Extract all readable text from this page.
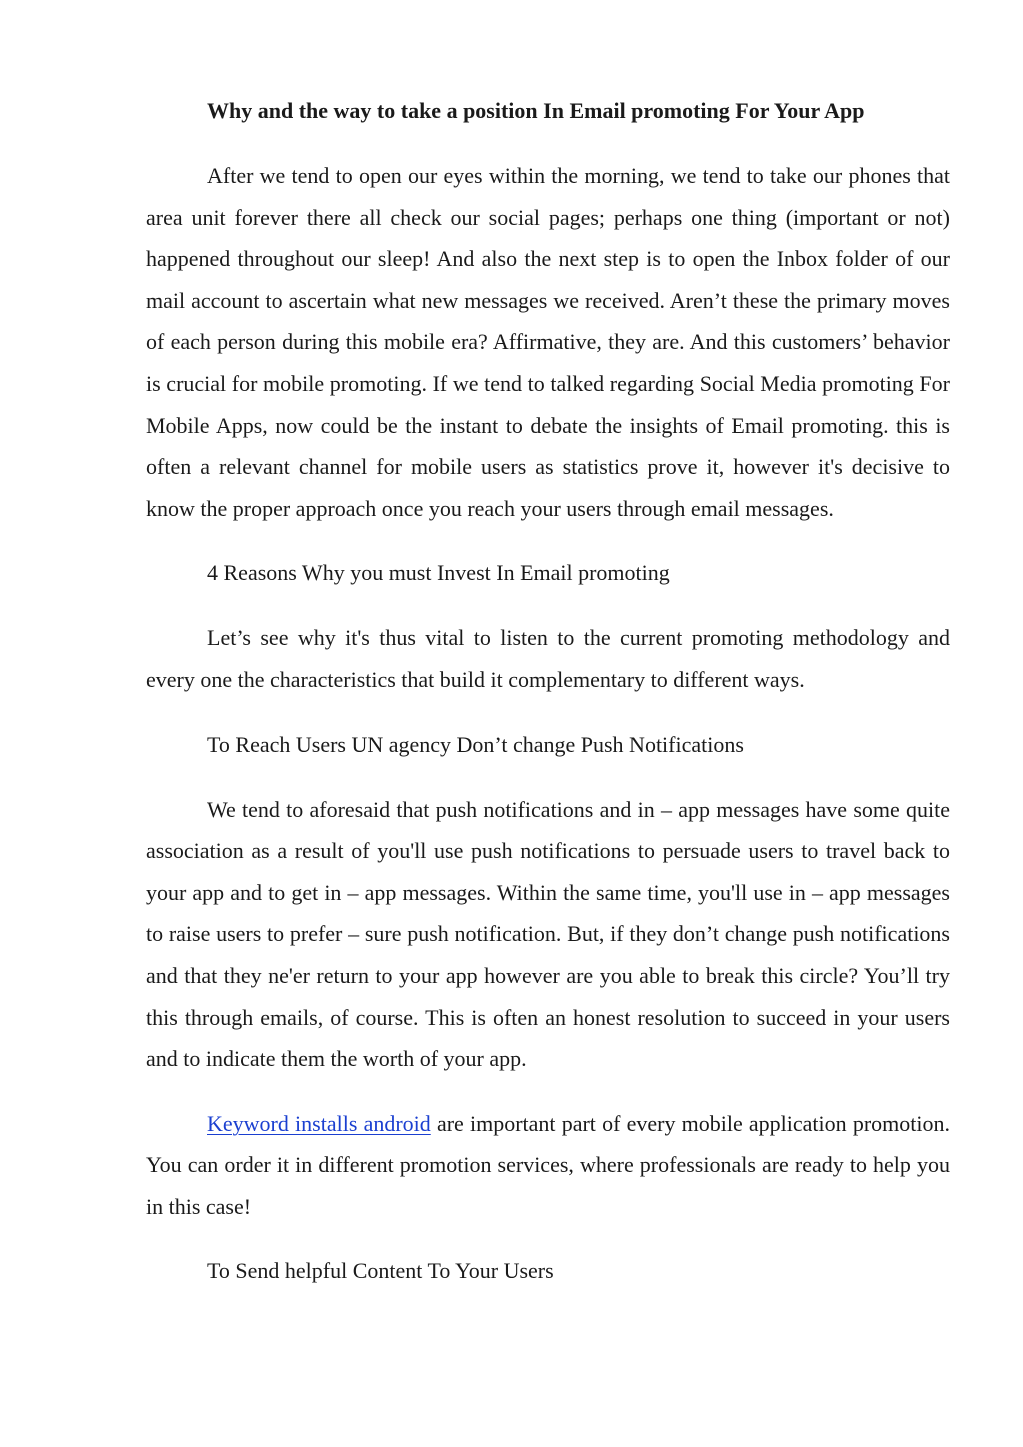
Why and the way to take a position In Email promoting For Your App

After we tend to open our eyes within the morning, we tend to take our phones that area unit forever there all check our social pages; perhaps one thing (important or not) happened throughout our sleep! And also the next step is to open the Inbox folder of our mail account to ascertain what new messages we received. Aren’t these the primary moves of each person during this mobile era? Affirmative, they are. And this customers’ behavior is crucial for mobile promoting. If we tend to talked regarding Social Media promoting For Mobile Apps, now could be the instant to debate the insights of Email promoting. this is often a relevant channel for mobile users as statistics prove it, however it's decisive to know the proper approach once you reach your users through email messages.

4 Reasons Why you must Invest In Email promoting

Let’s see why it's thus vital to listen to the current promoting methodology and every one the characteristics that build it complementary to different ways.

To Reach Users UN agency Don’t change Push Notifications

We tend to aforesaid that push notifications and in – app messages have some quite association as a result of you'll use push notifications to persuade users to travel back to your app and to get in – app messages. Within the same time, you'll use in – app messages to raise users to prefer – sure push notification. But, if they don’t change push notifications and that they ne'er return to your app however are you able to break this circle? You’ll try this through emails, of course. This is often an honest resolution to succeed in your users and to indicate them the worth of your app.

Keyword installs android are important part of every mobile application promotion. You can order it in different promotion services, where professionals are ready to help you in this case!

To Send helpful Content To Your Users
